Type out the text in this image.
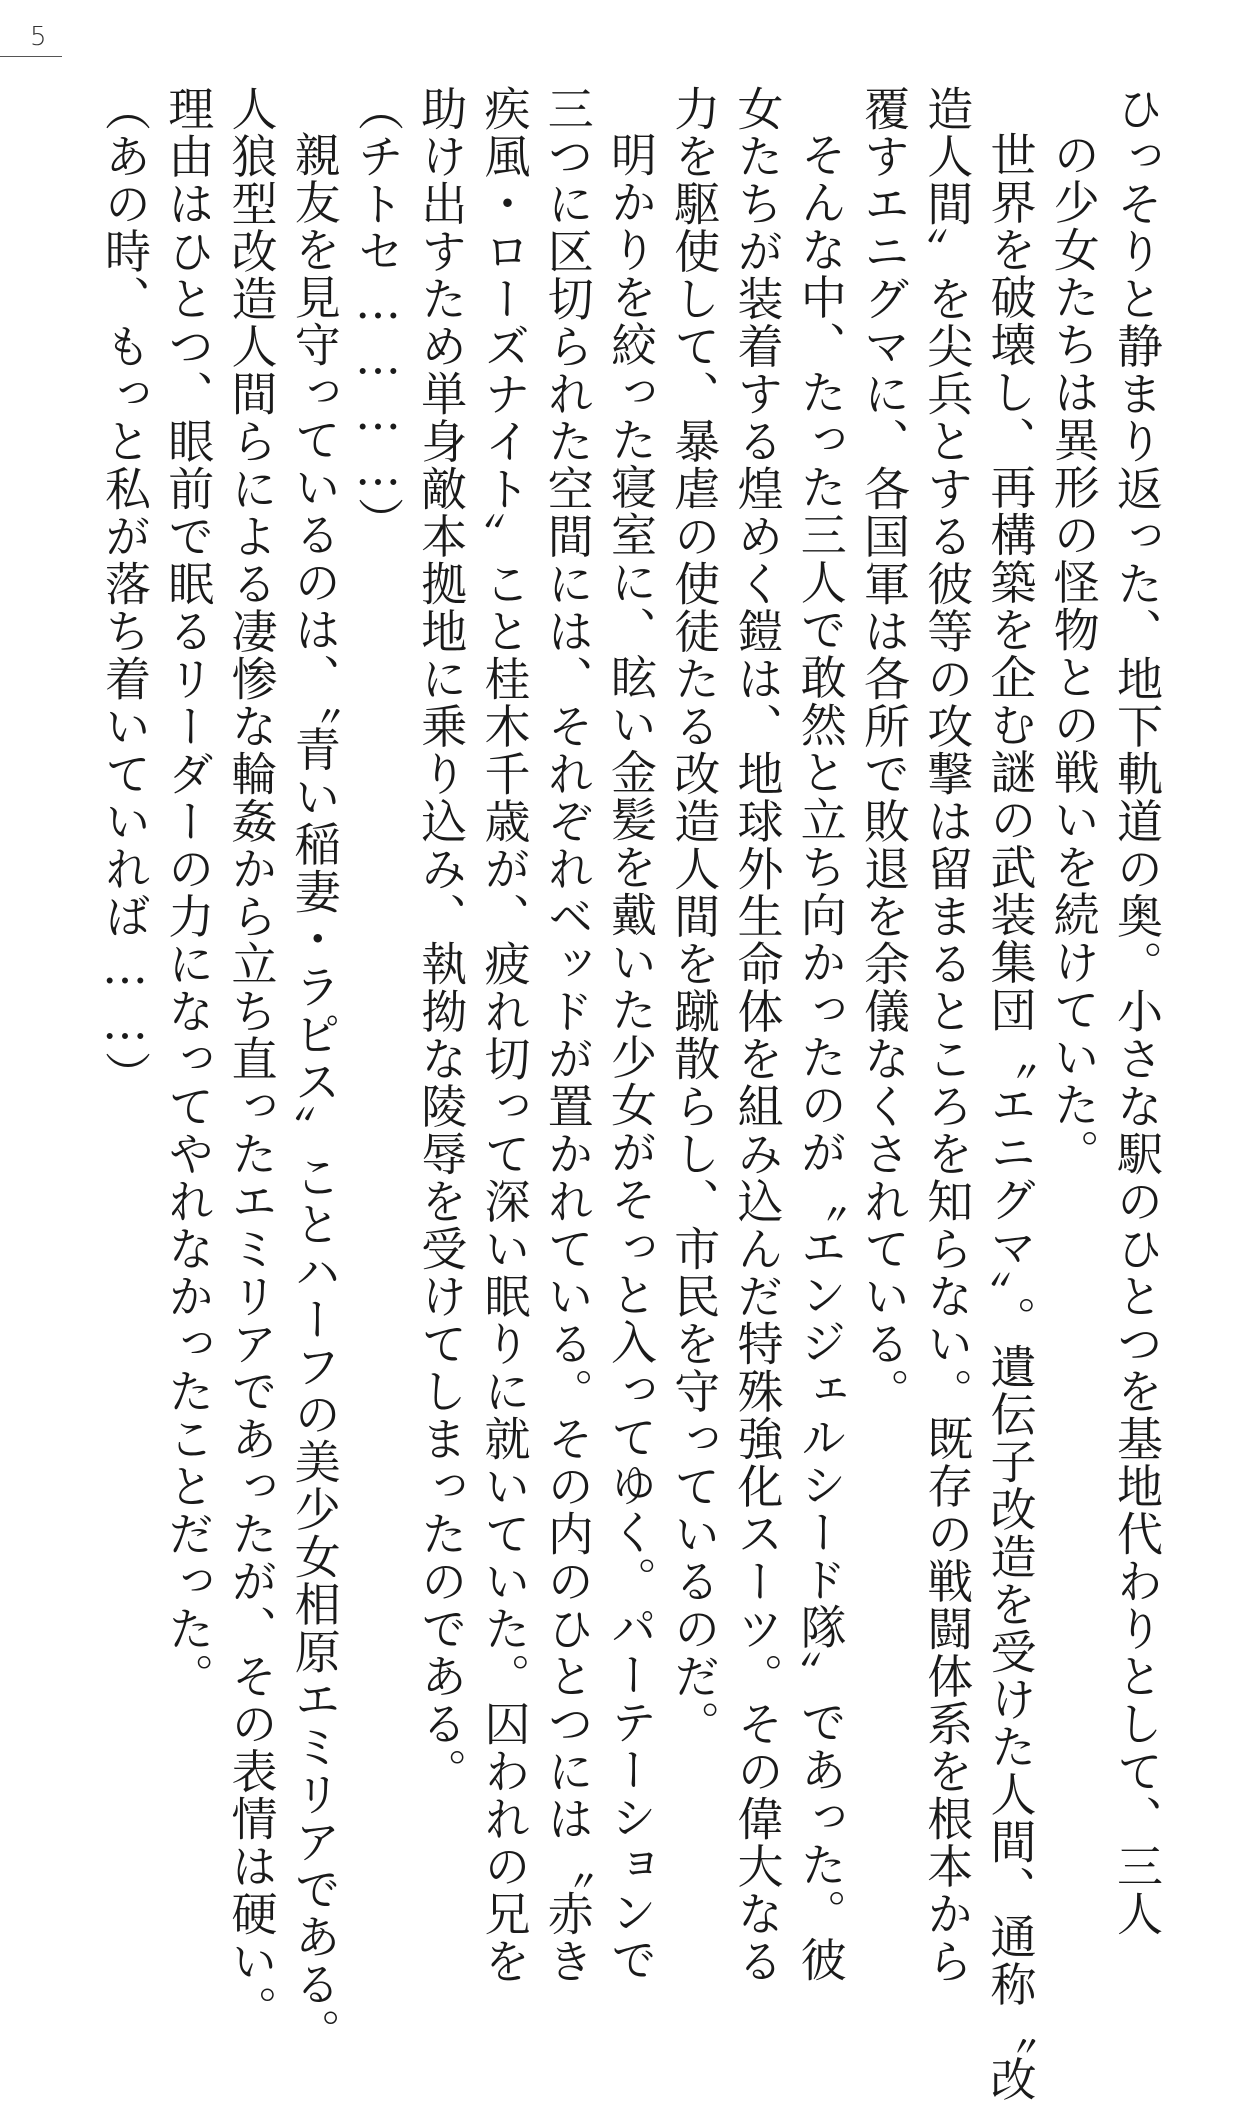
5
ひっそりと静まり返った、地下軌道の奥。小さな駅のひとつを基地代わりとして、三人
の少女たちは異形の怪物との戦いを続けていた。
世界を破壊し、再構築を企む謎の武装集団〝エニグマ〟。遺伝子改造を受けた人間、通称〝改
造人間〟を尖兵とする彼等の攻撃は留まるところを知らない。既存の戦闘体系を根本から
覆すエニグマに、各国軍は各所で敗退を余儀なくされている。
そんな中、たった三人で敢然と立ち向かったのが〝エンジェルシード隊〟であった。彼
女たちが装着する煌めく鎧は、地球外生命体を組み込んだ特殊強化スーツ。その偉大なる
力を駆使して、暴虐の使徒たる改造人間を蹴散らし、市民を守っているのだ。
明かりを絞った寝室に、眩い金髪を戴いた少女がそっと入ってゆく。パーテーションで
三つに区切られた空間には、それぞれベッドが置かれている。その内のひとつには〝赤き
疾風・ローズナイト〟こと桂木千歳が、疲れ切って深い眠りに就いていた。囚われの兄を
助け出すため単身敵本拠地に乗り込み、執拗な陵辱を受けてしまったのである。
（チトセ…………）
親友を見守っているのは、〝青い稲妻・ラピス〟ことハーフの美少女相原エミリアである。
人狼型改造人間らによる凄惨な輪姦から立ち直ったエミリアであったが、その表情は硬い。
理由はひとつ、眼前で眠るリーダーの力になってやれなかったことだった。
（あの時、もっと私が落ち着いていれば……）
